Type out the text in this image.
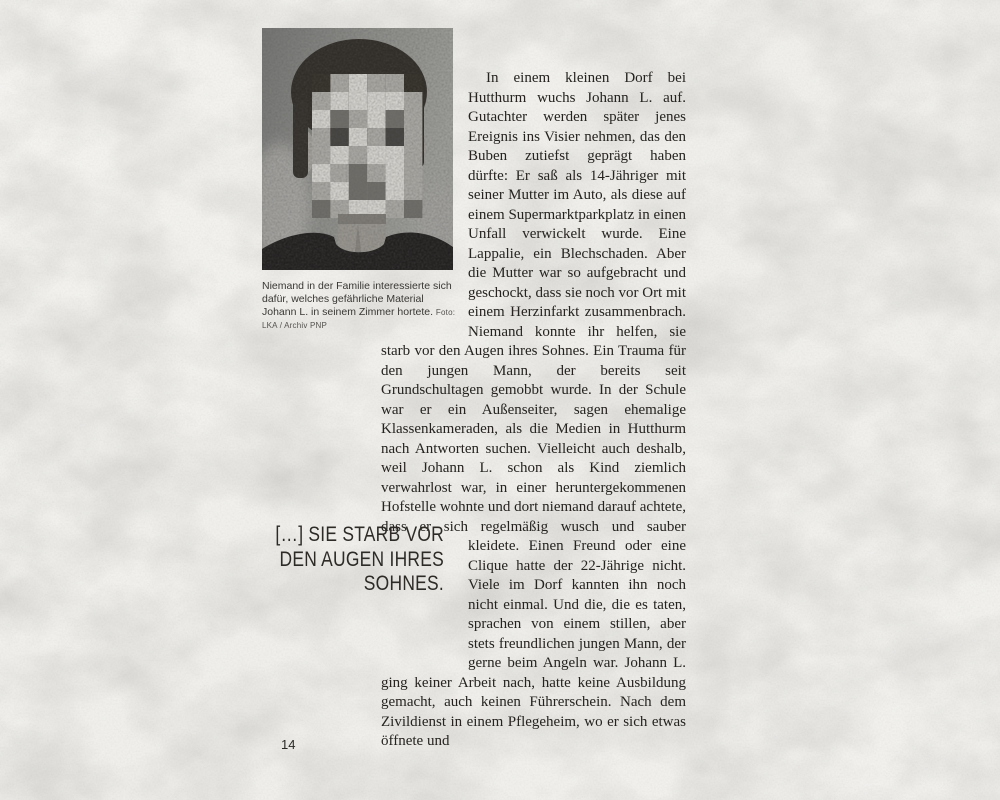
Niemand in der Familie interessierte sich dafür, welches gefährliche Material Johann L. in seinem Zimmer hortete. Foto: LKA / Archiv PNP
In einem kleinen Dorf bei Hutthurm wuchs Johann L. auf. Gutachter werden später jenes Ereignis ins Visier nehmen, das den Buben zutiefst geprägt haben dürfte: Er saß als 14-Jähriger mit seiner Mutter im Auto, als diese auf einem Supermarktparkplatz in einen Unfall verwickelt wurde. Eine Lappalie, ein Blechschaden. Aber die Mutter war so aufgebracht und geschockt, dass sie noch vor Ort mit einem Herzinfarkt zusammenbrach. Niemand konnte ihr helfen, sie starb vor den Augen ihres Sohnes. Ein Trauma für den jungen Mann, der bereits seit Grundschultagen gemobbt wurde. In der Schule war er ein Außenseiter, sagen ehemalige Klassenkameraden, als die Medien in Hutthurm nach Antworten suchen. Vielleicht auch deshalb, weil Johann L. schon als Kind ziemlich verwahrlost war, in einer heruntergekommenen Hofstelle wohnte und dort niemand darauf achtete, dass er sich regelmäßig wusch und sauber
kleidete. Einen Freund oder eine Clique hatte der 22-Jährige nicht. Viele im Dorf kannten ihn noch nicht einmal. Und die, die es taten, sprachen von einem stillen, aber stets freundlichen jungen Mann, der gerne beim Angeln war. Johann L. ging keiner Arbeit nach, hatte keine Ausbildung gemacht, auch keinen Führerschein. Nach dem Zivildienst in einem Pflegeheim, wo er sich etwas öffnete und
[…] SIE STARB VOR
DEN AUGEN IHRES
SOHNES.
14
